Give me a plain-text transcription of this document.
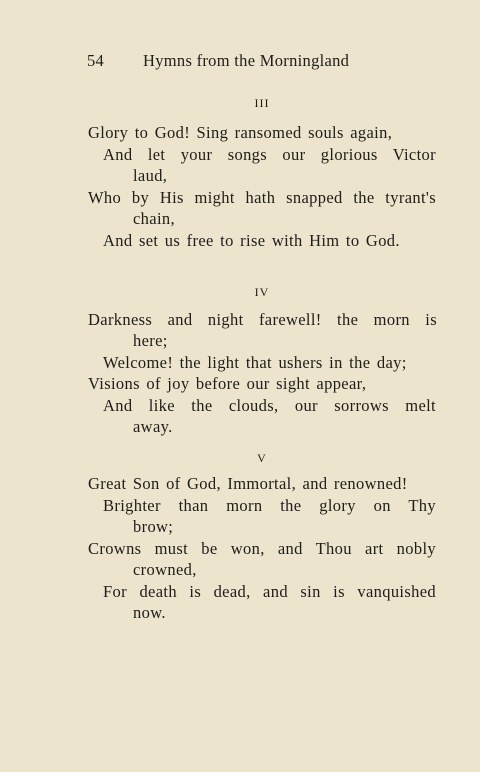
54 Hymns from the Morningland
III
Glory to God! Sing ransomed souls again,
And let your songs our glorious Victor
laud,
Who by His might hath snapped the tyrant's
chain,
And set us free to rise with Him to God.
IV
Darkness and night farewell! the morn is
here;
Welcome! the light that ushers in the day;
Visions of joy before our sight appear,
And like the clouds, our sorrows melt
away.
V
Great Son of God, Immortal, and renowned!
Brighter than morn the glory on Thy
brow;
Crowns must be won, and Thou art nobly
crowned,
For death is dead, and sin is vanquished
now.
